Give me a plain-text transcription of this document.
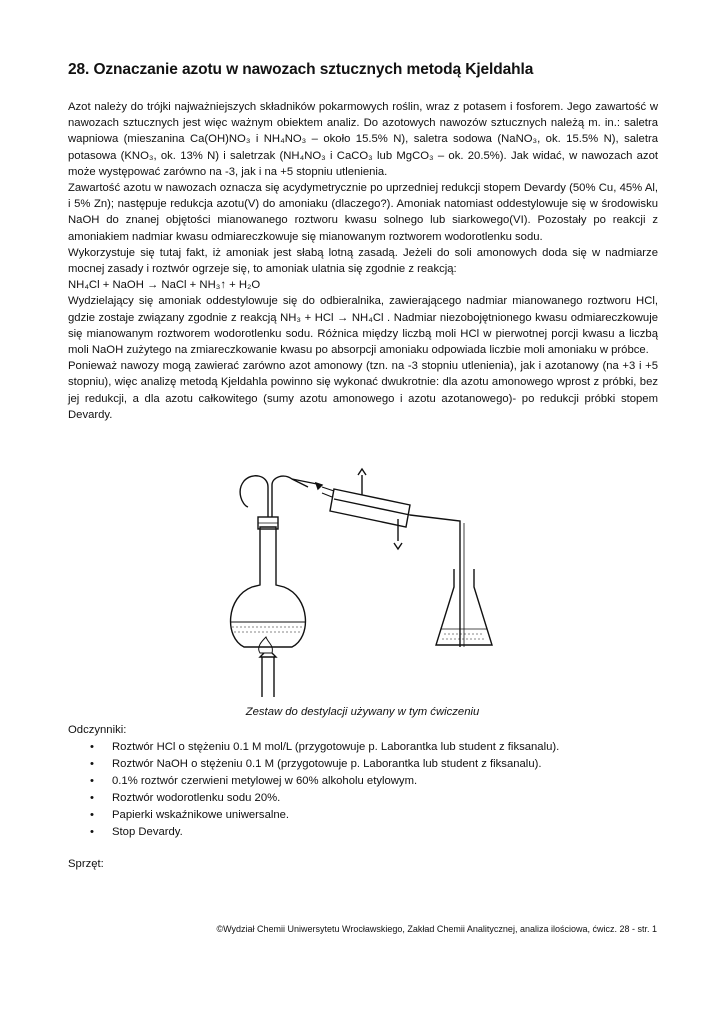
28. Oznaczanie azotu w nawozach sztucznych metodą Kjeldahla

Azot należy do trójki najważniejszych składników pokarmowych roślin, wraz z potasem i fosforem. Jego zawartość w nawozach sztucznych jest więc ważnym obiektem analiz. Do azotowych nawozów sztucznych należą m. in.: saletra wapniowa (mieszanina Ca(OH)NO₃ i NH₄NO₃ – około 15.5% N), saletra sodowa (NaNO₃, ok. 15.5% N), saletra potasowa (KNO₃, ok. 13% N) i saletrzak (NH₄NO₃ i CaCO₃ lub MgCO₃ – ok. 20.5%). Jak widać, w nawozach azot może występować zarówno na -3, jak i na +5 stopniu utlenienia.

Zawartość azotu w nawozach oznacza się acydymetrycznie po uprzedniej redukcji stopem Devardy (50% Cu, 45% Al, i 5% Zn); następuje redukcja azotu(V) do amoniaku (dlaczego?). Amoniak natomiast oddestylowuje się w środowisku NaOH do znanej objętości mianowanego roztworu kwasu solnego lub siarkowego(VI). Pozostały po reakcji z amoniakiem nadmiar kwasu odmiareczkowuje się mianowanym roztworem wodorotlenku sodu.

Wykorzystuje się tutaj fakt, iż amoniak jest słabą lotną zasadą. Jeżeli do soli amonowych doda się w nadmiarze mocnej zasady i roztwór ogrzeje się, to amoniak ulatnia się zgodnie z reakcją:

NH₄Cl + NaOH → NaCl + NH₃↑ + H₂O

Wydzielający się amoniak oddestylowuje się do odbieralnika, zawierającego nadmiar mianowanego roztworu HCl, gdzie zostaje związany zgodnie z reakcją NH₃ + HCl → NH₄Cl . Nadmiar niezobojętnionego kwasu odmiareczkowuje się mianowanym roztworem wodorotlenku sodu. Różnica między liczbą moli HCl w pierwotnej porcji kwasu a liczbą moli NaOH zużytego na zmiareczkowanie kwasu po absorpcji amoniaku odpowiada liczbie moli amoniaku w próbce.

Ponieważ nawozy mogą zawierać zarówno azot amonowy (tzn. na -3 stopniu utlenienia), jak i azotanowy (na +3 i +5 stopniu), więc analizę metodą Kjeldahla powinno się wykonać dwukrotnie: dla azotu amonowego wprost z próbki, bez jej redukcji, a dla azotu całkowitego (sumy azotu amonowego i azotu azotanowego)- po redukcji próbki stopem Devardy.

Zestaw do destylacji używany w tym ćwiczeniu
Odczynniki:
• Roztwór HCl o stężeniu 0.1 M mol/L (przygotowuje p. Laborantka lub student z fiksanalu).
• Roztwór NaOH o stężeniu 0.1 M (przygotowuje p. Laborantka lub student z fiksanalu).
• 0.1% roztwór czerwieni metylowej w 60% alkoholu etylowym.
• Roztwór wodorotlenku sodu 20%.
• Papierki wskaźnikowe uniwersalne.
• Stop Devardy.
Sprzęt:
©Wydział Chemii Uniwersytetu Wrocławskiego, Zakład Chemii Analitycznej, analiza ilościowa, ćwicz. 28 - str. 1
